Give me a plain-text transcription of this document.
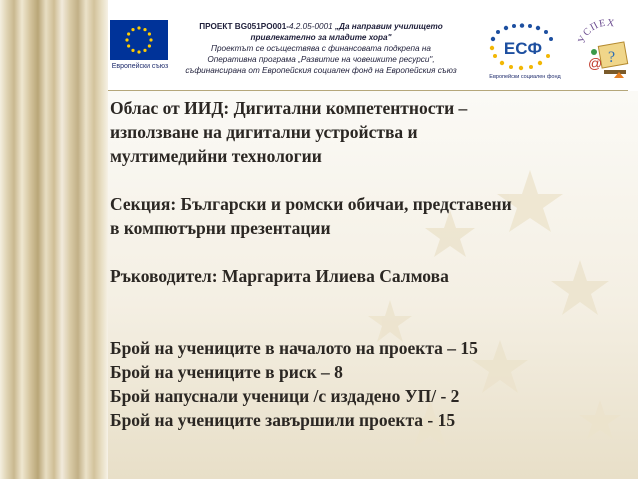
Европейски съюз
ПРОЕКТ BG051PO001-4.2.05-0001 „Да направим училището
привлекателно за младите хора"
Проектът се осъществява с финансовата подкрепа на
Оперативна програма „Развитие на човешките ресурси",
съфинансирана от Европейския социален фонд на Европейския съюз
ЕСФ
Европейски социален фонд
УСПЕХ
@ ?

Облас от ИИД: Дигитални компетентности –

използване на дигитални устройства и

мултимедийни технологии

Секция: Български и ромски обичаи, представени

в компютърни презентации

Ръководител: Маргарита Илиева Салмова

Брой на учениците в началото на проекта – 15

Брой на учениците в риск – 8

Брой напуснали ученици /с издадено УП/ - 2

Брой на учениците завършили проекта - 15
